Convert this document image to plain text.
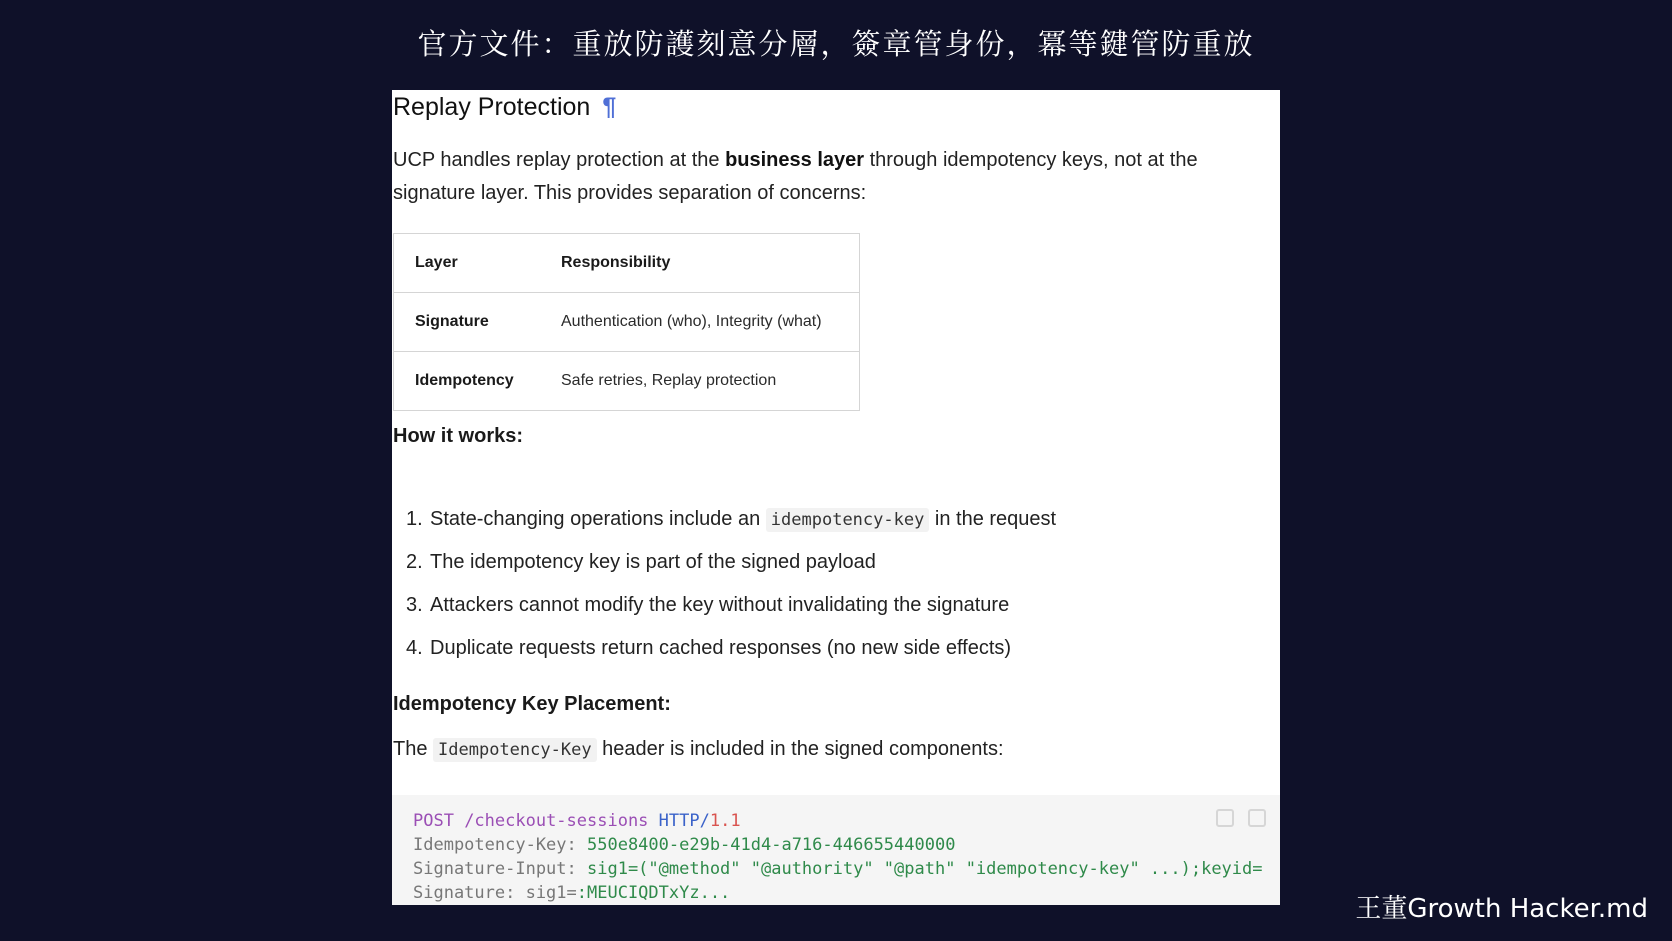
官方文件：重放防護刻意分層，簽章管身份，冪等鍵管防重放
Replay Protection ¶
UCP handles replay protection at the business layer through idempotency keys, not at the signature layer. This provides separation of concerns:
Layer	Responsibility
Signature	Authentication (who), Integrity (what)
Idempotency	Safe retries, Replay protection
How it works:
1. State-changing operations include an idempotency-key in the request
2. The idempotency key is part of the signed payload
3. Attackers cannot modify the key without invalidating the signature
4. Duplicate requests return cached responses (no new side effects)
Idempotency Key Placement:
The Idempotency-Key header is included in the signed components:
POST /checkout-sessions HTTP/1.1
Idempotency-Key: 550e8400-e29b-41d4-a716-446655440000
Signature-Input: sig1=("@method" "@authority" "@path" "idempotency-key" ...);keyid=
Signature: sig1=:MEUCIQDTxYz...
王董Growth Hacker.md
